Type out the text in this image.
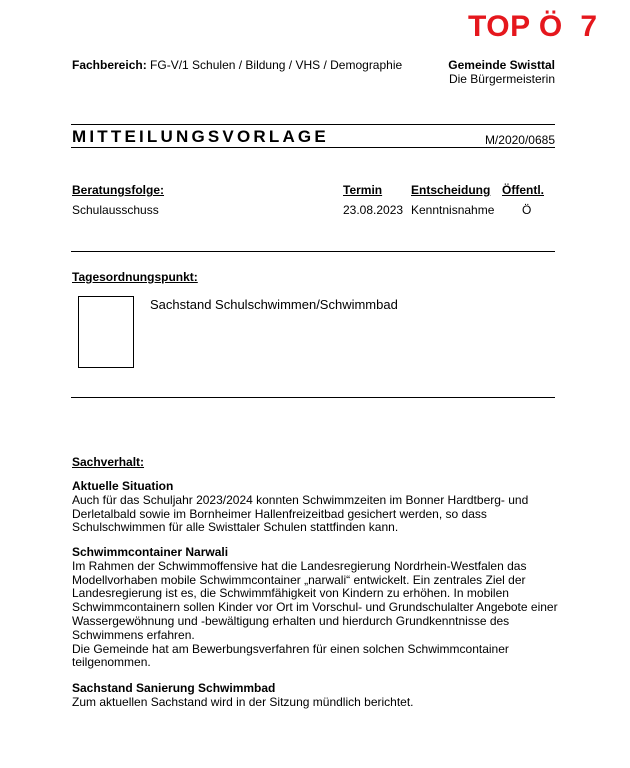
TOP Ö  7
Fachbereich: FG-V/1 Schulen / Bildung / VHS / Demographie	Gemeinde Swisttal
Die Bürgermeisterin
MITTEILUNGSVORLAGE	M/2020/0685
Beratungsfolge:	Termin Entscheidung Öffentl.
Schulausschuss	23.08.2023 Kenntnisnahme Ö
Tagesordnungspunkt:
Sachstand Schulschwimmen/Schwimmbad
Sachverhalt:
Aktuelle Situation

Auch für das Schuljahr 2023/2024 konnten Schwimmzeiten im Bonner Hardtberg- und

Derletalbald sowie im Bornheimer Hallenfreizeitbad gesichert werden, so dass

Schulschwimmen für alle Swisttaler Schulen stattfinden kann.

Schwimmcontainer Narwali

Im Rahmen der Schwimmoffensive hat die Landesregierung Nordrhein-Westfalen das

Modellvorhaben mobile Schwimmcontainer „narwali“ entwickelt. Ein zentrales Ziel der

Landesregierung ist es, die Schwimmfähigkeit von Kindern zu erhöhen. In mobilen

Schwimmcontainern sollen Kinder vor Ort im Vorschul- und Grundschulalter Angebote einer

Wassergewöhnung und -bewältigung erhalten und hierdurch Grundkenntnisse des

Schwimmens erfahren.

Die Gemeinde hat am Bewerbungsverfahren für einen solchen Schwimmcontainer

teilgenommen.

Sachstand Sanierung Schwimmbad

Zum aktuellen Sachstand wird in der Sitzung mündlich berichtet.
